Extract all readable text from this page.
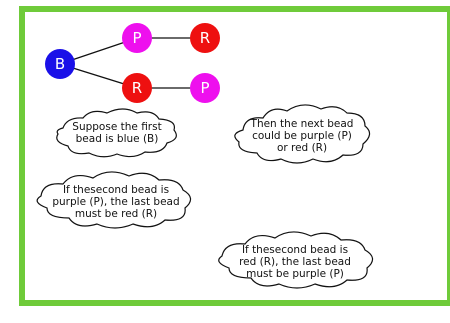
B
P	R
R	P
Suppose the first
bead is blue (B)
Then the next bead
could be purple (P)
or red (R)
If thesecond bead is
purple (P), the last bead
must be red (R)
If thesecond bead is
red (R), the last bead
must be purple (P)
